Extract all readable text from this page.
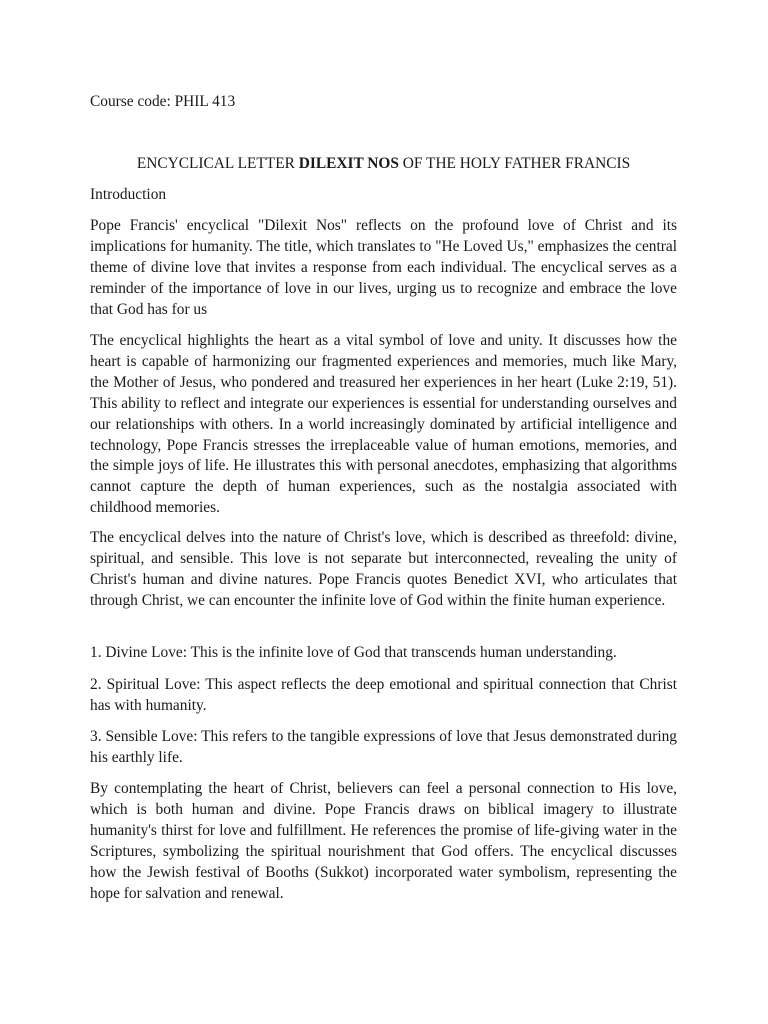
Course code: PHIL 413

ENCYCLICAL LETTER DILEXIT NOS OF THE HOLY FATHER FRANCIS

Introduction

Pope Francis' encyclical "Dilexit Nos" reflects on the profound love of Christ and its implications for humanity. The title, which translates to "He Loved Us," emphasizes the central theme of divine love that invites a response from each individual. The encyclical serves as a reminder of the importance of love in our lives, urging us to recognize and embrace the love that God has for us

The encyclical highlights the heart as a vital symbol of love and unity. It discusses how the heart is capable of harmonizing our fragmented experiences and memories, much like Mary, the Mother of Jesus, who pondered and treasured her experiences in her heart (Luke 2:19, 51). This ability to reflect and integrate our experiences is essential for understanding ourselves and our relationships with others. In a world increasingly dominated by artificial intelligence and technology, Pope Francis stresses the irreplaceable value of human emotions, memories, and the simple joys of life. He illustrates this with personal anecdotes, emphasizing that algorithms cannot capture the depth of human experiences, such as the nostalgia associated with childhood memories.

The encyclical delves into the nature of Christ's love, which is described as threefold: divine, spiritual, and sensible. This love is not separate but interconnected, revealing the unity of Christ's human and divine natures. Pope Francis quotes Benedict XVI, who articulates that through Christ, we can encounter the infinite love of God within the finite human experience.

1. Divine Love: This is the infinite love of God that transcends human understanding.

2. Spiritual Love: This aspect reflects the deep emotional and spiritual connection that Christ has with humanity.

3. Sensible Love: This refers to the tangible expressions of love that Jesus demonstrated during his earthly life.

By contemplating the heart of Christ, believers can feel a personal connection to His love, which is both human and divine. Pope Francis draws on biblical imagery to illustrate humanity's thirst for love and fulfillment. He references the promise of life-giving water in the Scriptures, symbolizing the spiritual nourishment that God offers. The encyclical discusses how the Jewish festival of Booths (Sukkot) incorporated water symbolism, representing the hope for salvation and renewal.
